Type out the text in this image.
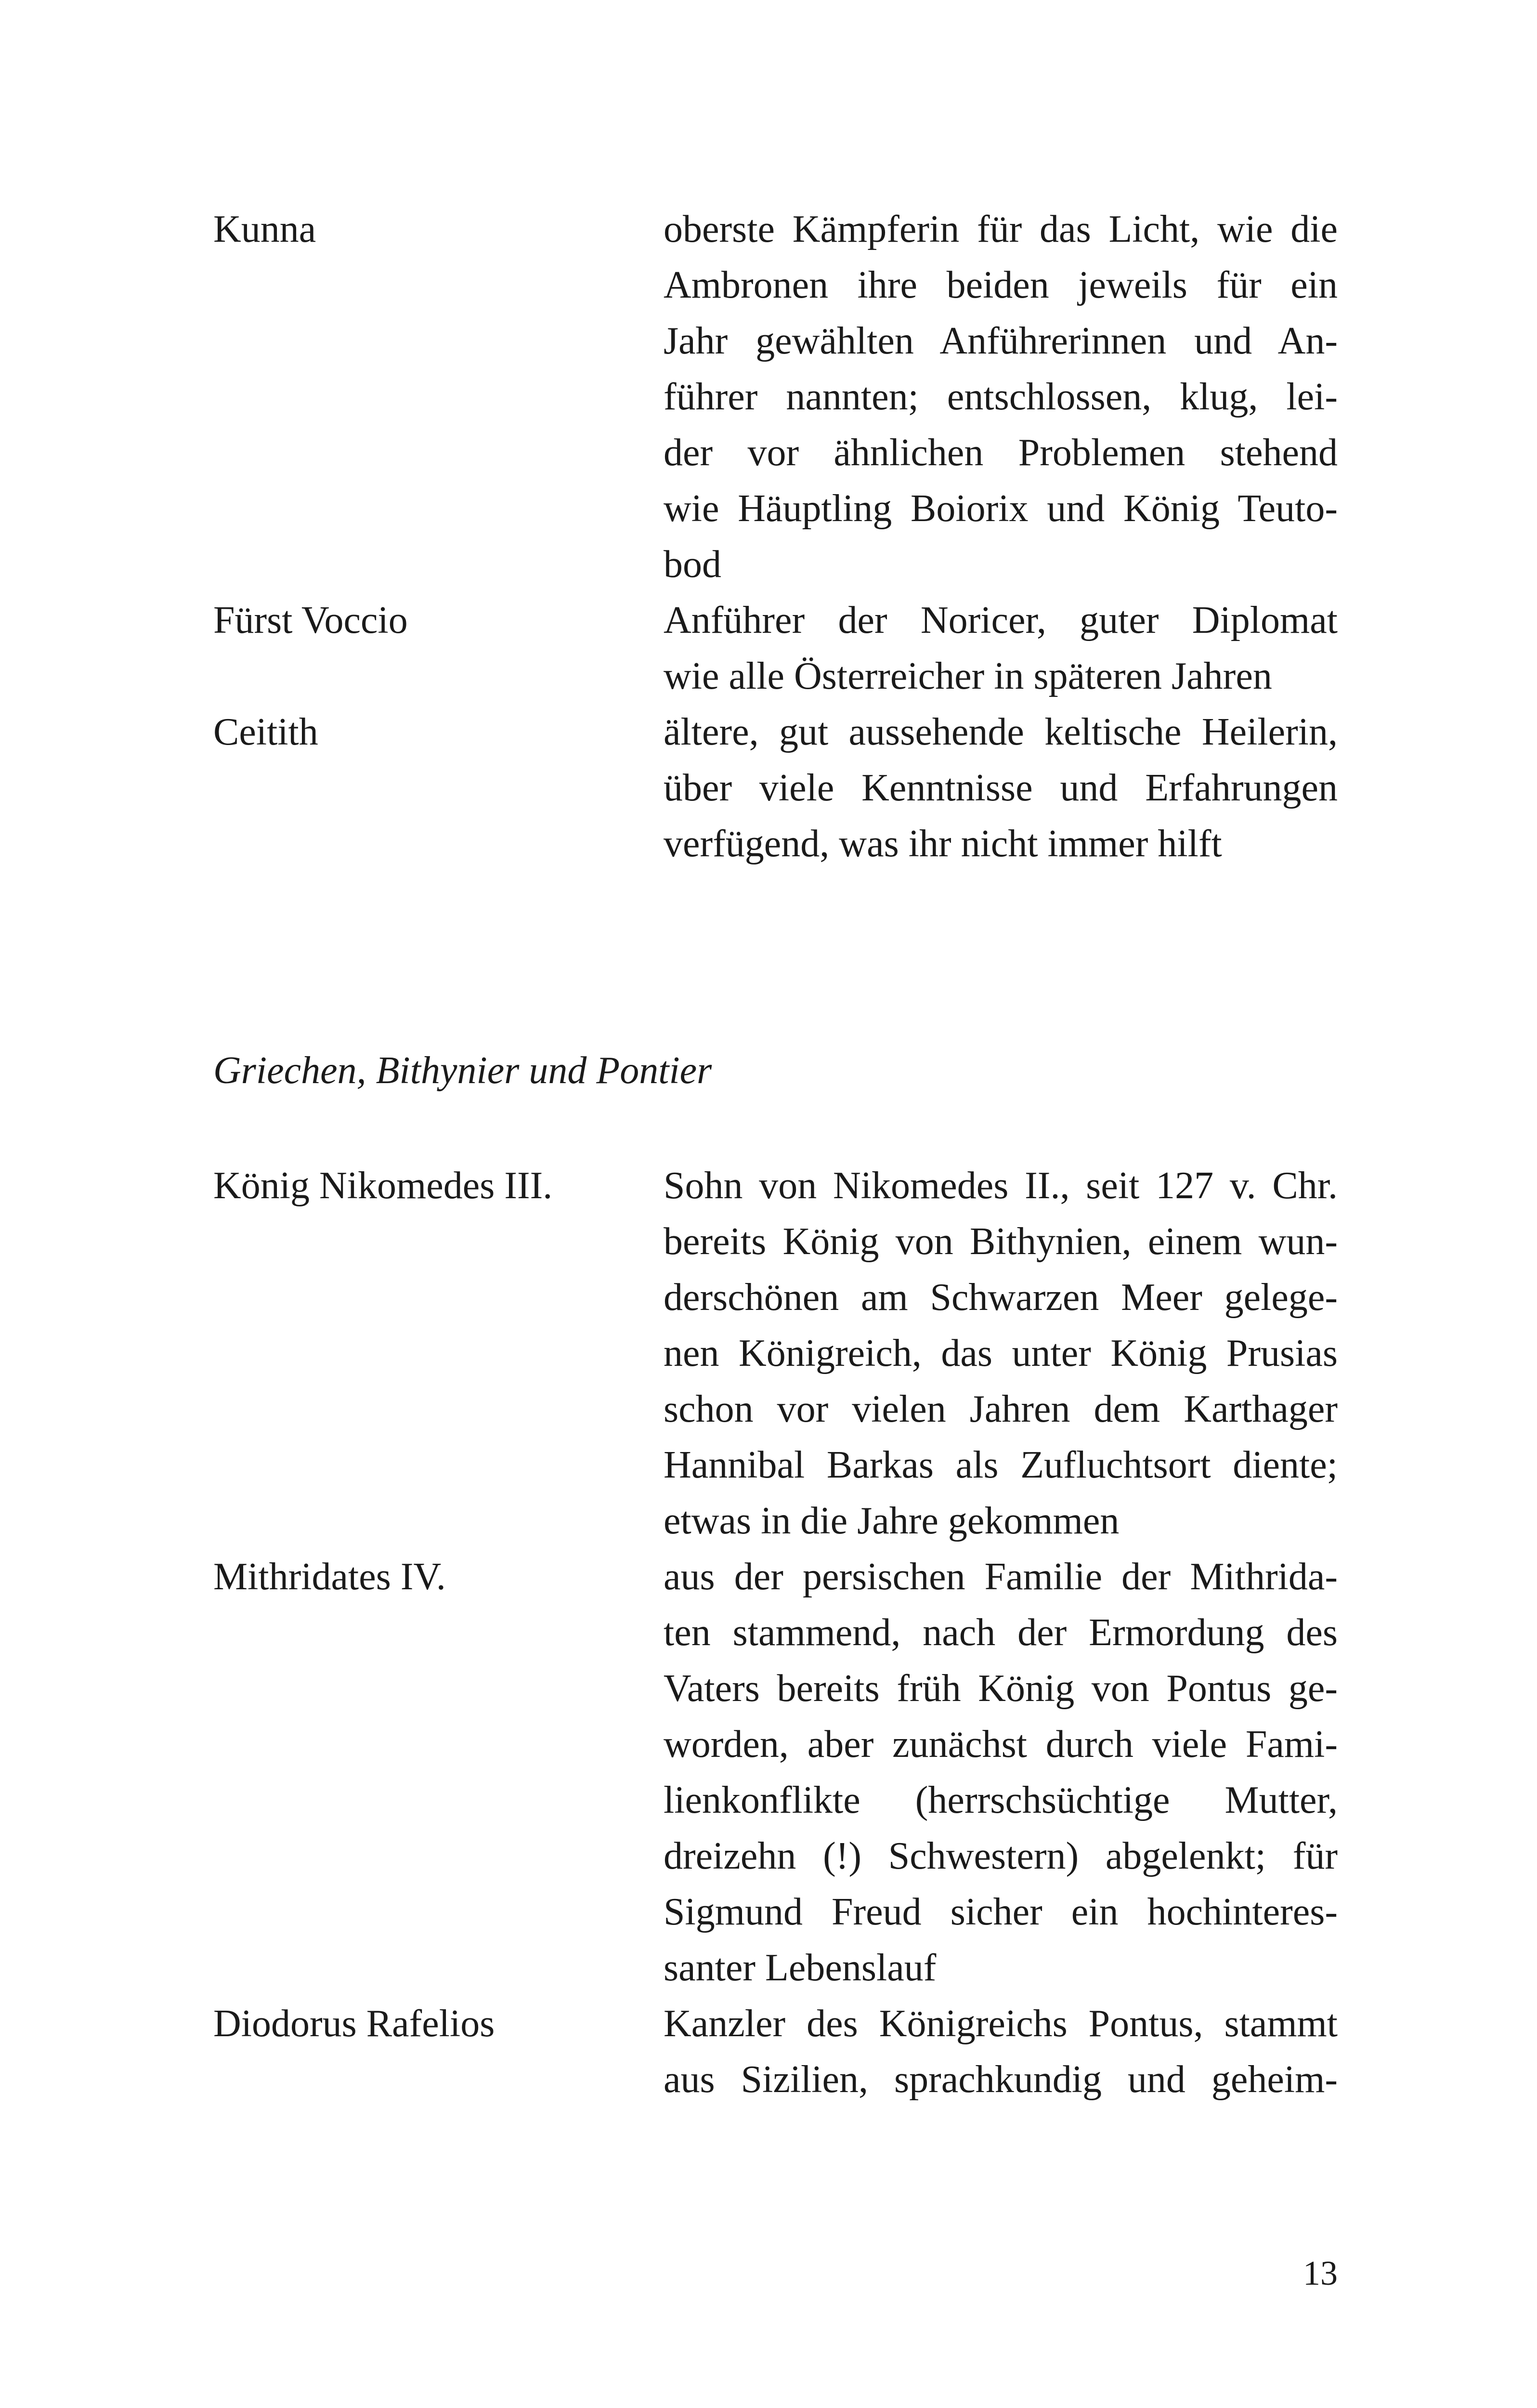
Kunna	oberste Kämpferin für das Licht, wie die
Ambronen ihre beiden jeweils für ein
Jahr gewählten Anführerinnen und An-
führer nannten; entschlossen, klug, lei-
der vor ähnlichen Problemen stehend
wie Häuptling Boiorix und König Teuto-
bod
Fürst Voccio	Anführer der Noricer, guter Diplomat
wie alle Österreicher in späteren Jahren
Ceitith	ältere, gut aussehende keltische Heilerin,
über viele Kenntnisse und Erfahrungen
verfügend, was ihr nicht immer hilft
Griechen, Bithynier und Pontier
König Nikomedes III.	Sohn von Nikomedes II., seit 127 v. Chr.
bereits König von Bithynien, einem wun-
derschönen am Schwarzen Meer gelege-
nen Königreich, das unter König Prusias
schon vor vielen Jahren dem Karthager
Hannibal Barkas als Zufluchtsort diente;
etwas in die Jahre gekommen
Mithridates IV.	aus der persischen Familie der Mithrida-
ten stammend, nach der Ermordung des
Vaters bereits früh König von Pontus ge-
worden, aber zunächst durch viele Fami-
lienkonflikte (herrschsüchtige Mutter,
dreizehn (!) Schwestern) abgelenkt; für
Sigmund Freud sicher ein hochinteres-
santer Lebenslauf
Diodorus Rafelios	Kanzler des Königreichs Pontus, stammt
aus Sizilien, sprachkundig und geheim-
13
